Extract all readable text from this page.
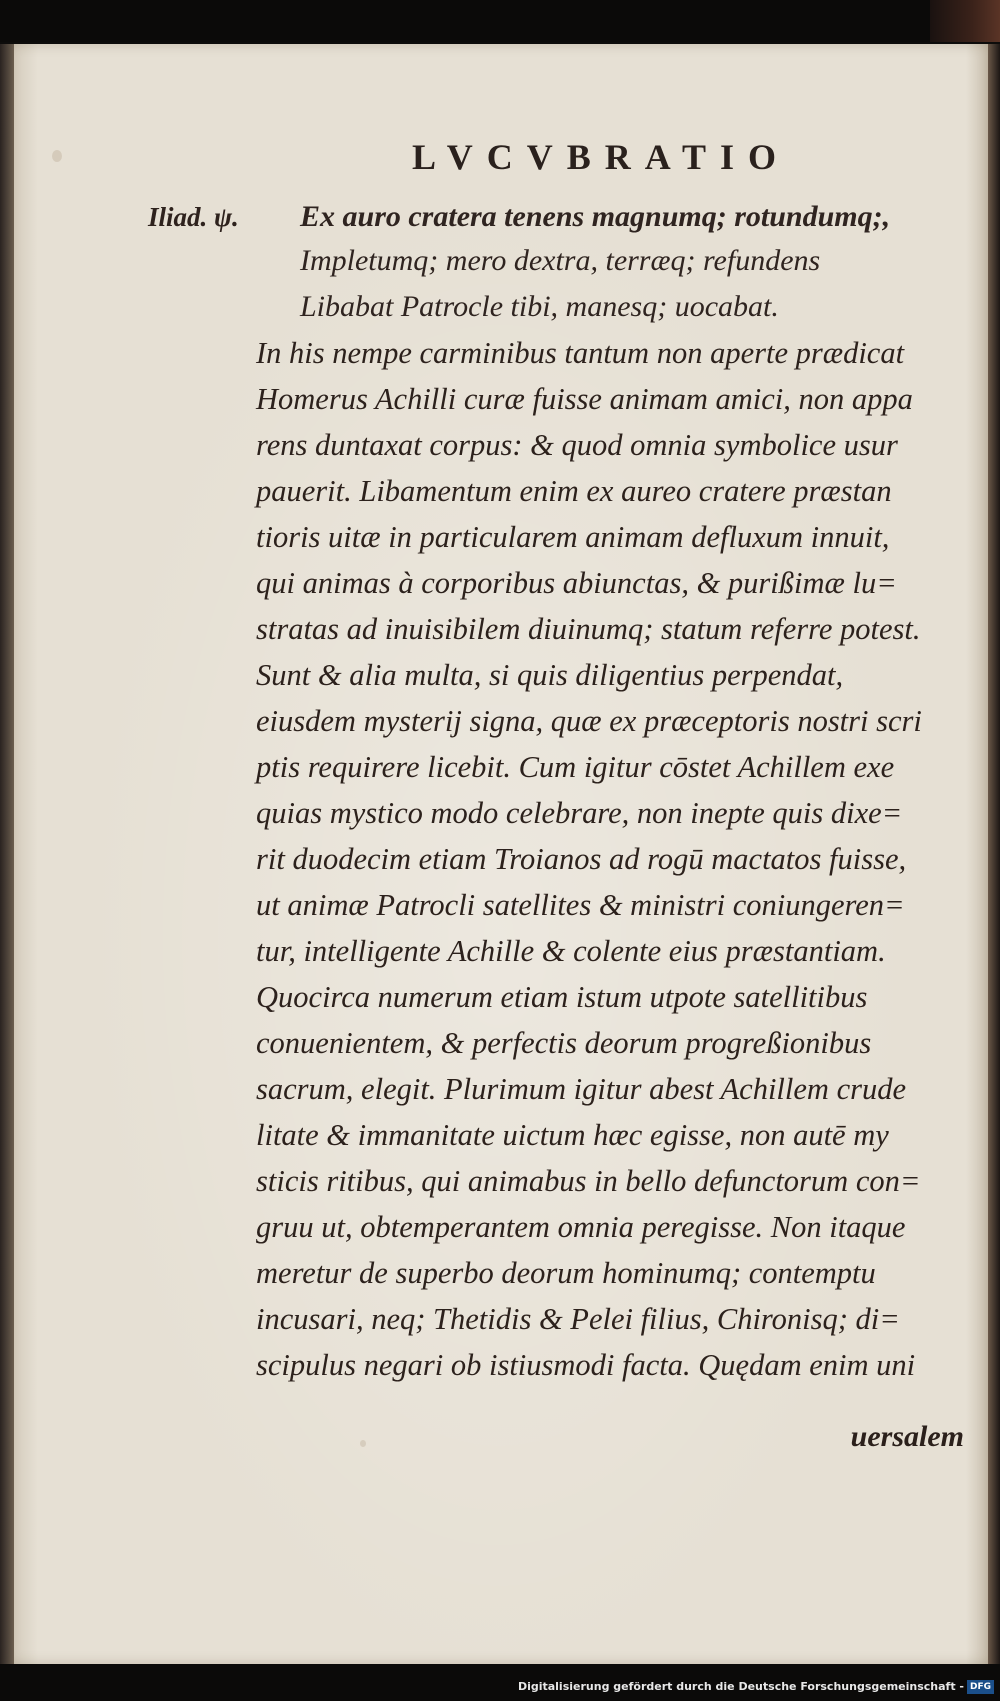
LVCVBRATIO
Iliad. ψ. Ex auro cratera tenens magnumq; rotundumq;,
Impletumq; mero dextra, terræq; refundens
Libabat Patrocle tibi, manesq; uocabat.
In his nempe carminibus tantum non aperte prædicat
Homerus Achilli curæ fuisse animam amici, non appa
rens duntaxat corpus: & quod omnia symbolice usur
pauerit. Libamentum enim ex aureo cratere præstan
tioris uitæ in particularem animam defluxum innuit,
qui animas à corporibus abiunctas, & purißimæ lu=
stratas ad inuisibilem diuinumq; statum referre potest.
Sunt & alia multa, si quis diligentius perpendat,
eiusdem mysterij signa, quæ ex præceptoris nostri scri
ptis requirere licebit. Cum igitur cōstet Achillem exe
quias mystico modo celebrare, non inepte quis dixe=
rit duodecim etiam Troianos ad rogū mactatos fuisse,
ut animæ Patrocli satellites & ministri coniungeren=
tur, intelligente Achille & colente eius præstantiam.
Quocirca numerum etiam istum utpote satellitibus
conuenientem, & perfectis deorum progreßionibus
sacrum, elegit. Plurimum igitur abest Achillem crude
litate & immanitate uictum hæc egisse, non autē my
sticis ritibus, qui animabus in bello defunctorum con=
gruu ut, obtemperantem omnia peregisse. Non itaque
meretur de superbo deorum hominumq; contemptu
incusari, neq; Thetidis & Pelei filius, Chironisq; di=
scipulus negari ob istiusmodi facta. Quędam enim uni
uersalem
Digitalisierung gefördert durch die Deutsche Forschungsgemeinschaft - DFG
